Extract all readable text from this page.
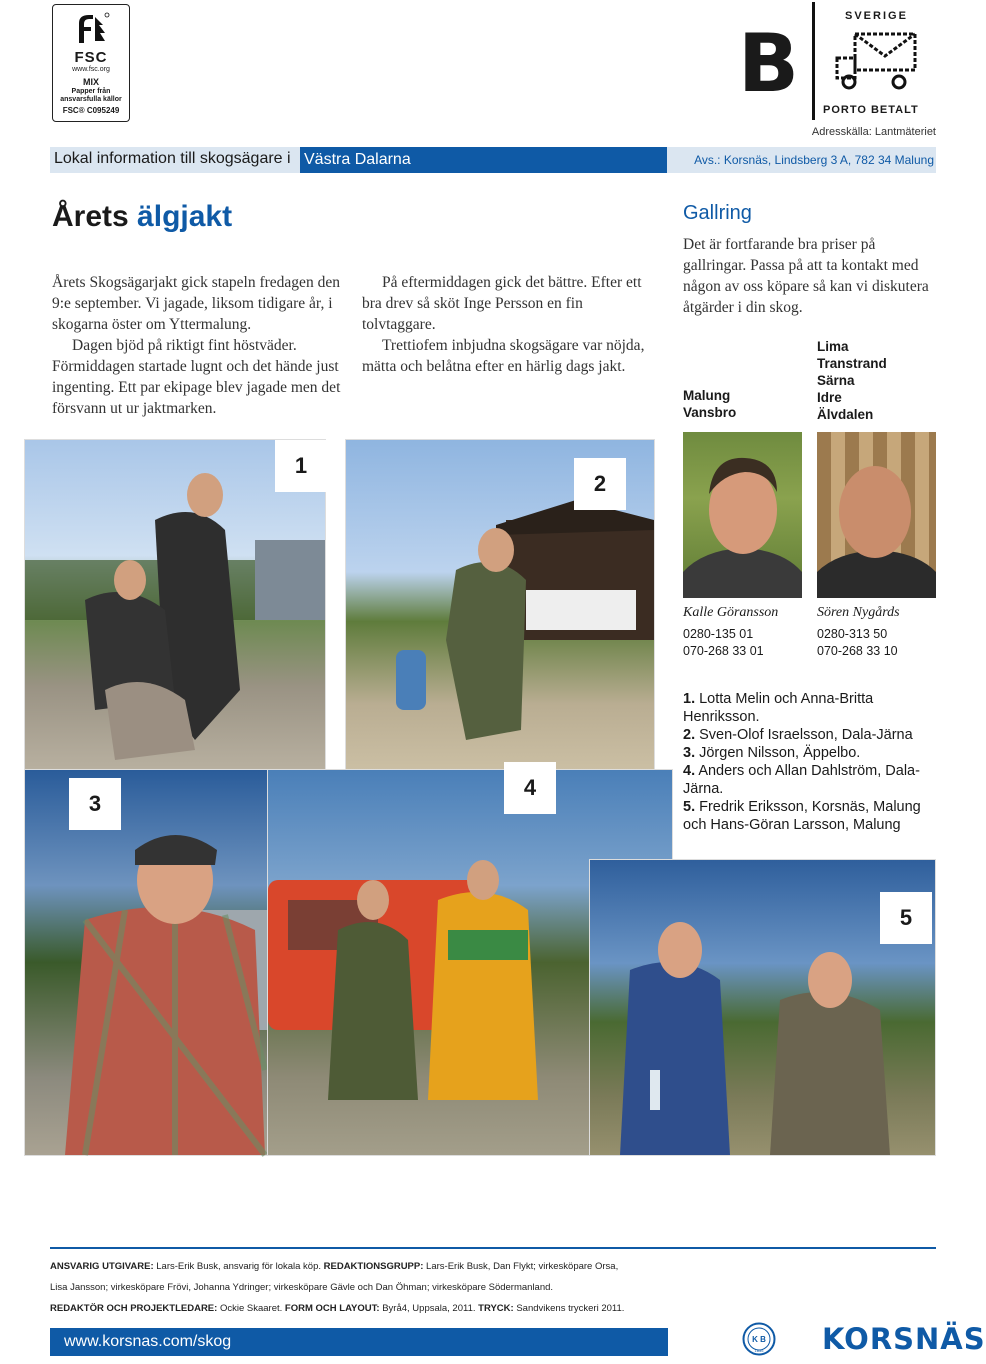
FSC
www.fsc.org
MIX
Papper från
ansvarsfulla källor
FSC® C095249
B
SVERIGE
PORTO BETALT
Adresskälla: Lantmäteriet
Lokal information till skogsägare i Västra Dalarna	Avs.: Korsnäs, Lindsberg 3 A, 782 34 Malung
Årets älgjakt
Årets Skogsägarjakt gick stapeln fredagen den 9:e september. Vi jagade, liksom tidigare år, i skogarna öster om Yttermalung.
Dagen bjöd på riktigt fint höstväder. Förmiddagen startade lugnt och det hände just ingenting. Ett par ekipage blev jagade men det försvann ut ur jaktmarken.
På eftermiddagen gick det bättre. Efter ett bra drev så sköt Inge Persson en fin tolvtaggare.
Trettiofem inbjudna skogsägare var nöjda, mätta och belåtna efter en härlig dags jakt.
Gallring
Det är fortfarande bra priser på gallringar. Passa på att ta kontakt med någon av oss köpare så kan vi diskutera åtgärder i din skog.
Malung
Vansbro
Lima
Transtrand
Särna
Idre
Älvdalen
Kalle Göransson
0280-135 01
070-268 33 01
Sören Nygårds
0280-313 50
070-268 33 10
1
2
3
4
5
1. Lotta Melin och Anna-Britta Henriksson.
2. Sven-Olof Israelsson, Dala-Järna
3. Jörgen Nilsson, Äppelbo.
4. Anders och Allan Dahlström, Dala-Järna.
5. Fredrik Eriksson, Korsnäs, Malung och Hans-Göran Larsson, Malung
ANSVARIG UTGIVARE: Lars-Erik Busk, ansvarig för lokala köp. REDAKTIONSGRUPP: Lars-Erik Busk, Dan Flykt; virkesköpare Orsa,
Lisa Jansson; virkesköpare Frövi, Johanna Ydringer; virkesköpare Gävle och Dan Öhman; virkesköpare Södermanland.
REDAKTÖR OCH PROJEKTLEDARE: Ockie Skaaret. FORM OCH LAYOUT: Byrå4, Uppsala, 2011. TRYCK: Sandvikens tryckeri 2011.
www.korsnas.com/skog	K B
1855 KORSNÄS
